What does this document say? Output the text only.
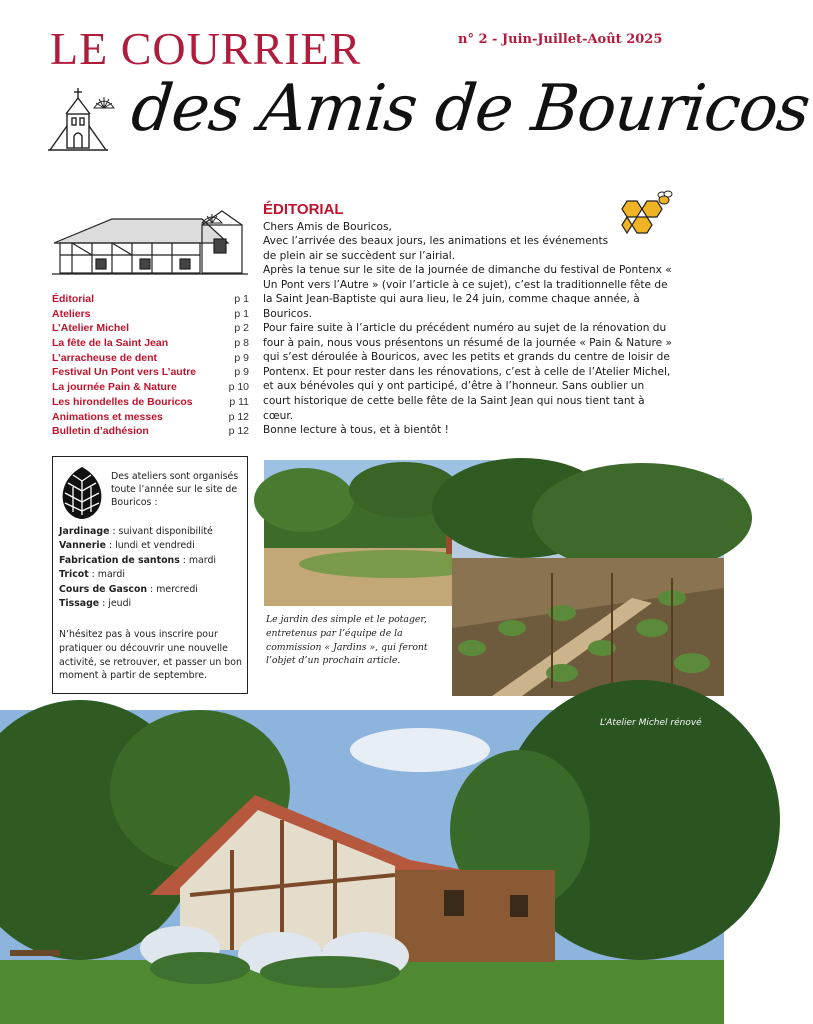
LE COURRIER	n° 2 - Juin-Juillet-Août 2025
des Amis de Bouricos
Éditorial	p 1
Ateliers	p 1
L’Atelier Michel	p 2
La fête de la Saint Jean	p 8
L’arracheuse de dent	p 9
Festival Un Pont vers L’autre	p 9
La journée Pain & Nature	p 10
Les hirondelles de Bouricos	p 11
Animations et messes	p 12
Bulletin d’adhésion	p 12
ÉDITORIAL
Chers Amis de Bouricos,
Avec l’arrivée des beaux jours, les animations et les événements de plein air se succèdent sur l’airial.
Après la tenue sur le site de la journée de dimanche du festival de Pontenx « Un Pont vers l’Autre » (voir l’article à ce sujet), c’est la traditionnelle fête de la Saint Jean-Baptiste qui aura lieu, le 24 juin, comme chaque année, à Bouricos.
Pour faire suite à l’article du précédent numéro au sujet de la rénovation du four à pain, nous vous présentons un résumé de la journée « Pain & Nature » qui s’est déroulée à Bouricos, avec les petits et grands du centre de loisir de Pontenx. Et pour rester dans les rénovations, c’est à celle de l’Atelier Michel, et aux bénévoles qui y ont participé, d’être à l’honneur. Sans oublier un court historique de cette belle fête de la Saint Jean qui nous tient tant à cœur.
Bonne lecture à tous, et à bientôt !
Des ateliers sont organisés toute l’année sur le site de Bouricos :
Jardinage : suivant disponibilité
Vannerie : lundi et vendredi
Fabrication de santons : mardi
Tricot : mardi
Cours de Gascon : mercredi
Tissage : jeudi
N’hésitez pas à vous inscrire pour pratiquer ou découvrir une nouvelle activité, se retrouver, et passer un bon moment à partir de septembre.
Le jardin des simple et le potager, entretenus par l’équipe de la commission « Jardins », qui feront l’objet d’un prochain article.
L’Atelier Michel rénové
